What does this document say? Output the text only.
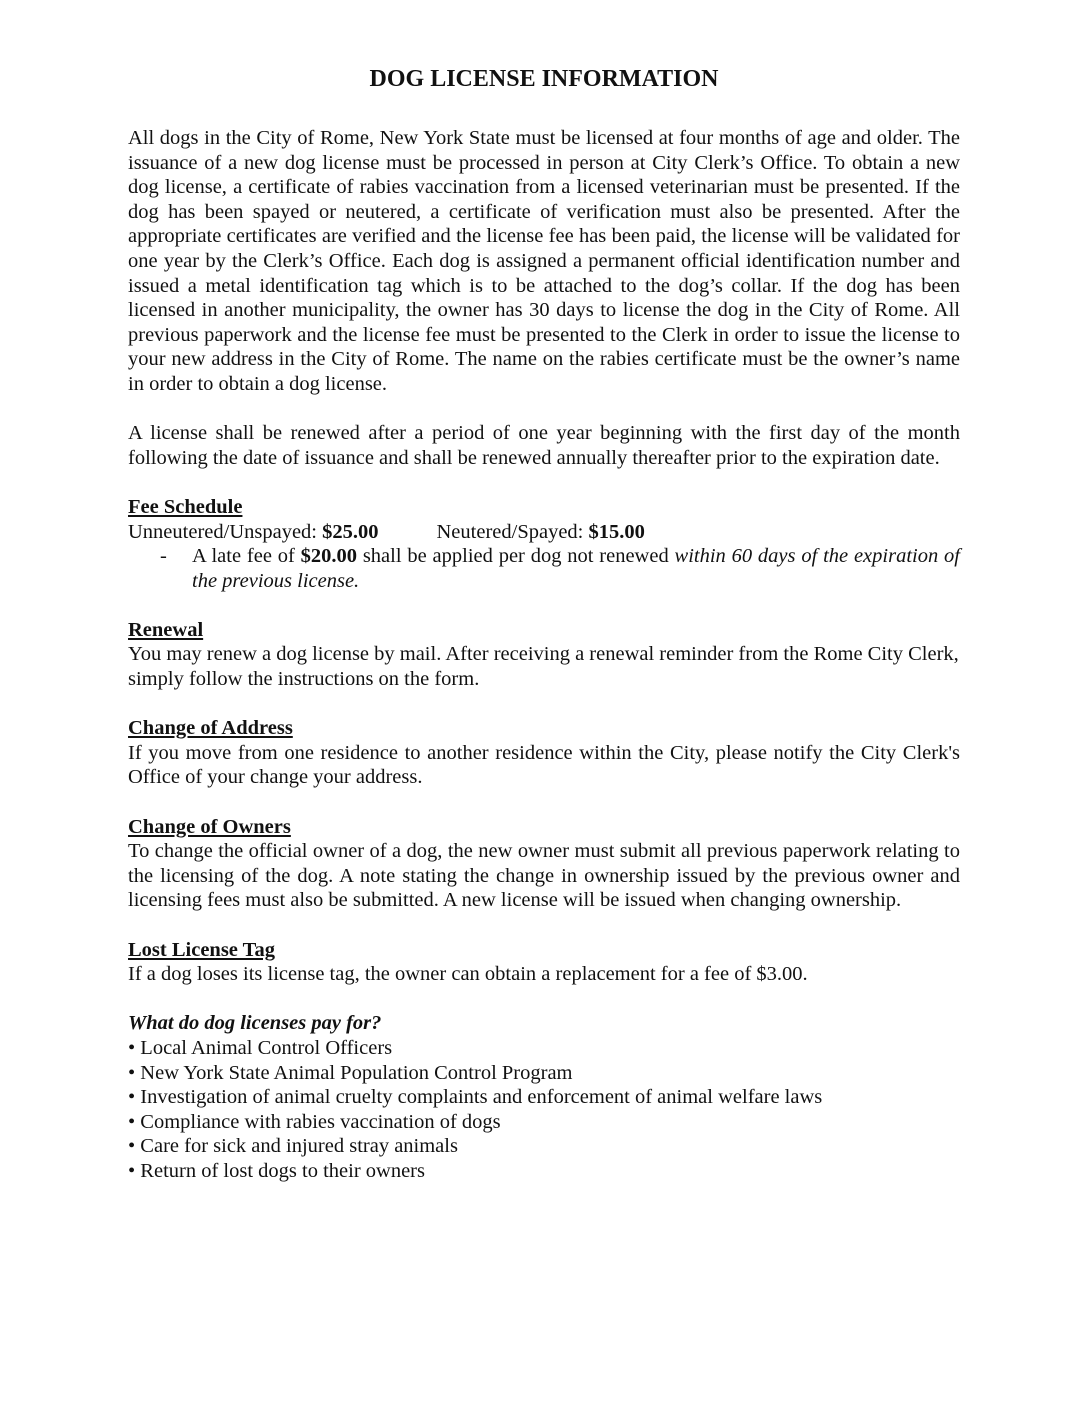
DOG LICENSE INFORMATION

All dogs in the City of Rome, New York State must be licensed at four months of age and older. The issuance of a new dog license must be processed in person at City Clerk’s Office. To obtain a new dog license, a certificate of rabies vaccination from a licensed veterinarian must be presented. If the dog has been spayed or neutered, a certificate of verification must also be presented. After the appropriate certificates are verified and the license fee has been paid, the license will be validated for one year by the Clerk’s Office. Each dog is assigned a permanent official identification number and issued a metal identification tag which is to be attached to the dog’s collar. If the dog has been licensed in another municipality, the owner has 30 days to license the dog in the City of Rome. All previous paperwork and the license fee must be presented to the Clerk in order to issue the license to your new address in the City of Rome. The name on the rabies certificate must be the owner’s name in order to obtain a dog license.

A license shall be renewed after a period of one year beginning with the first day of the month following the date of issuance and shall be renewed annually thereafter prior to the expiration date.

Fee Schedule

Unneutered/Unspayed: $25.00	Neutered/Spayed: $15.00

- A late fee of $20.00 shall be applied per dog not renewed within 60 days of the expiration of the previous license.

Renewal

You may renew a dog license by mail. After receiving a renewal reminder from the Rome City Clerk, simply follow the instructions on the form.

Change of Address

If you move from one residence to another residence within the City, please notify the City Clerk's Office of your change your address.

Change of Owners

To change the official owner of a dog, the new owner must submit all previous paperwork relating to the licensing of the dog. A note stating the change in ownership issued by the previous owner and licensing fees must also be submitted. A new license will be issued when changing ownership.

Lost License Tag

If a dog loses its license tag, the owner can obtain a replacement for a fee of $3.00.

What do dog licenses pay for?

• Local Animal Control Officers
• New York State Animal Population Control Program
• Investigation of animal cruelty complaints and enforcement of animal welfare laws
• Compliance with rabies vaccination of dogs
• Care for sick and injured stray animals
• Return of lost dogs to their owners
